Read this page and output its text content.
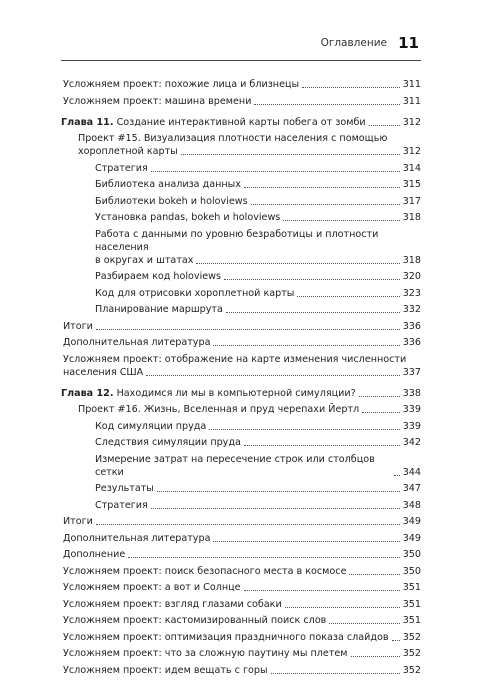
Оглавление 11
Усложняем проект: похожие лица и близнецы	311
Усложняем проект: машина времени	311
Глава 11. Создание интерактивной карты побега от зомби	312
Проект #15. Визуализация плотности населения с помощью
хороплетной карты	312
Стратегия	314
Библиотека анализа данных	315
Библиотеки bokeh и holoviews	317
Установка pandas, bokeh и holoviews	318
Работа с данными по уровню безработицы и плотности населения
в округах и штатах	318
Разбираем код holoviews	320
Код для отрисовки хороплетной карты	323
Планирование маршрута	332
Итоги	336
Дополнительная литература	336
Усложняем проект: отображение на карте изменения численности
населения США	337
Глава 12. Находимся ли мы в компьютерной симуляции?	338
Проект #16. Жизнь, Вселенная и пруд черепахи Йертл	339
Код симуляции пруда	339
Следствия симуляции пруда	342
Измерение затрат на пересечение строк или столбцов сетки	344
Результаты	347
Стратегия	348
Итоги	349
Дополнительная литература	349
Дополнение	350
Усложняем проект: поиск безопасного места в космосе	350
Усложняем проект: а вот и Солнце	351
Усложняем проект: взгляд глазами собаки	351
Усложняем проект: кастомизированный поиск слов	351
Усложняем проект: оптимизация праздничного показа слайдов 352
Усложняем проект: что за сложную паутину мы плетем	352
Усложняем проект: идем вещать с горы	352
